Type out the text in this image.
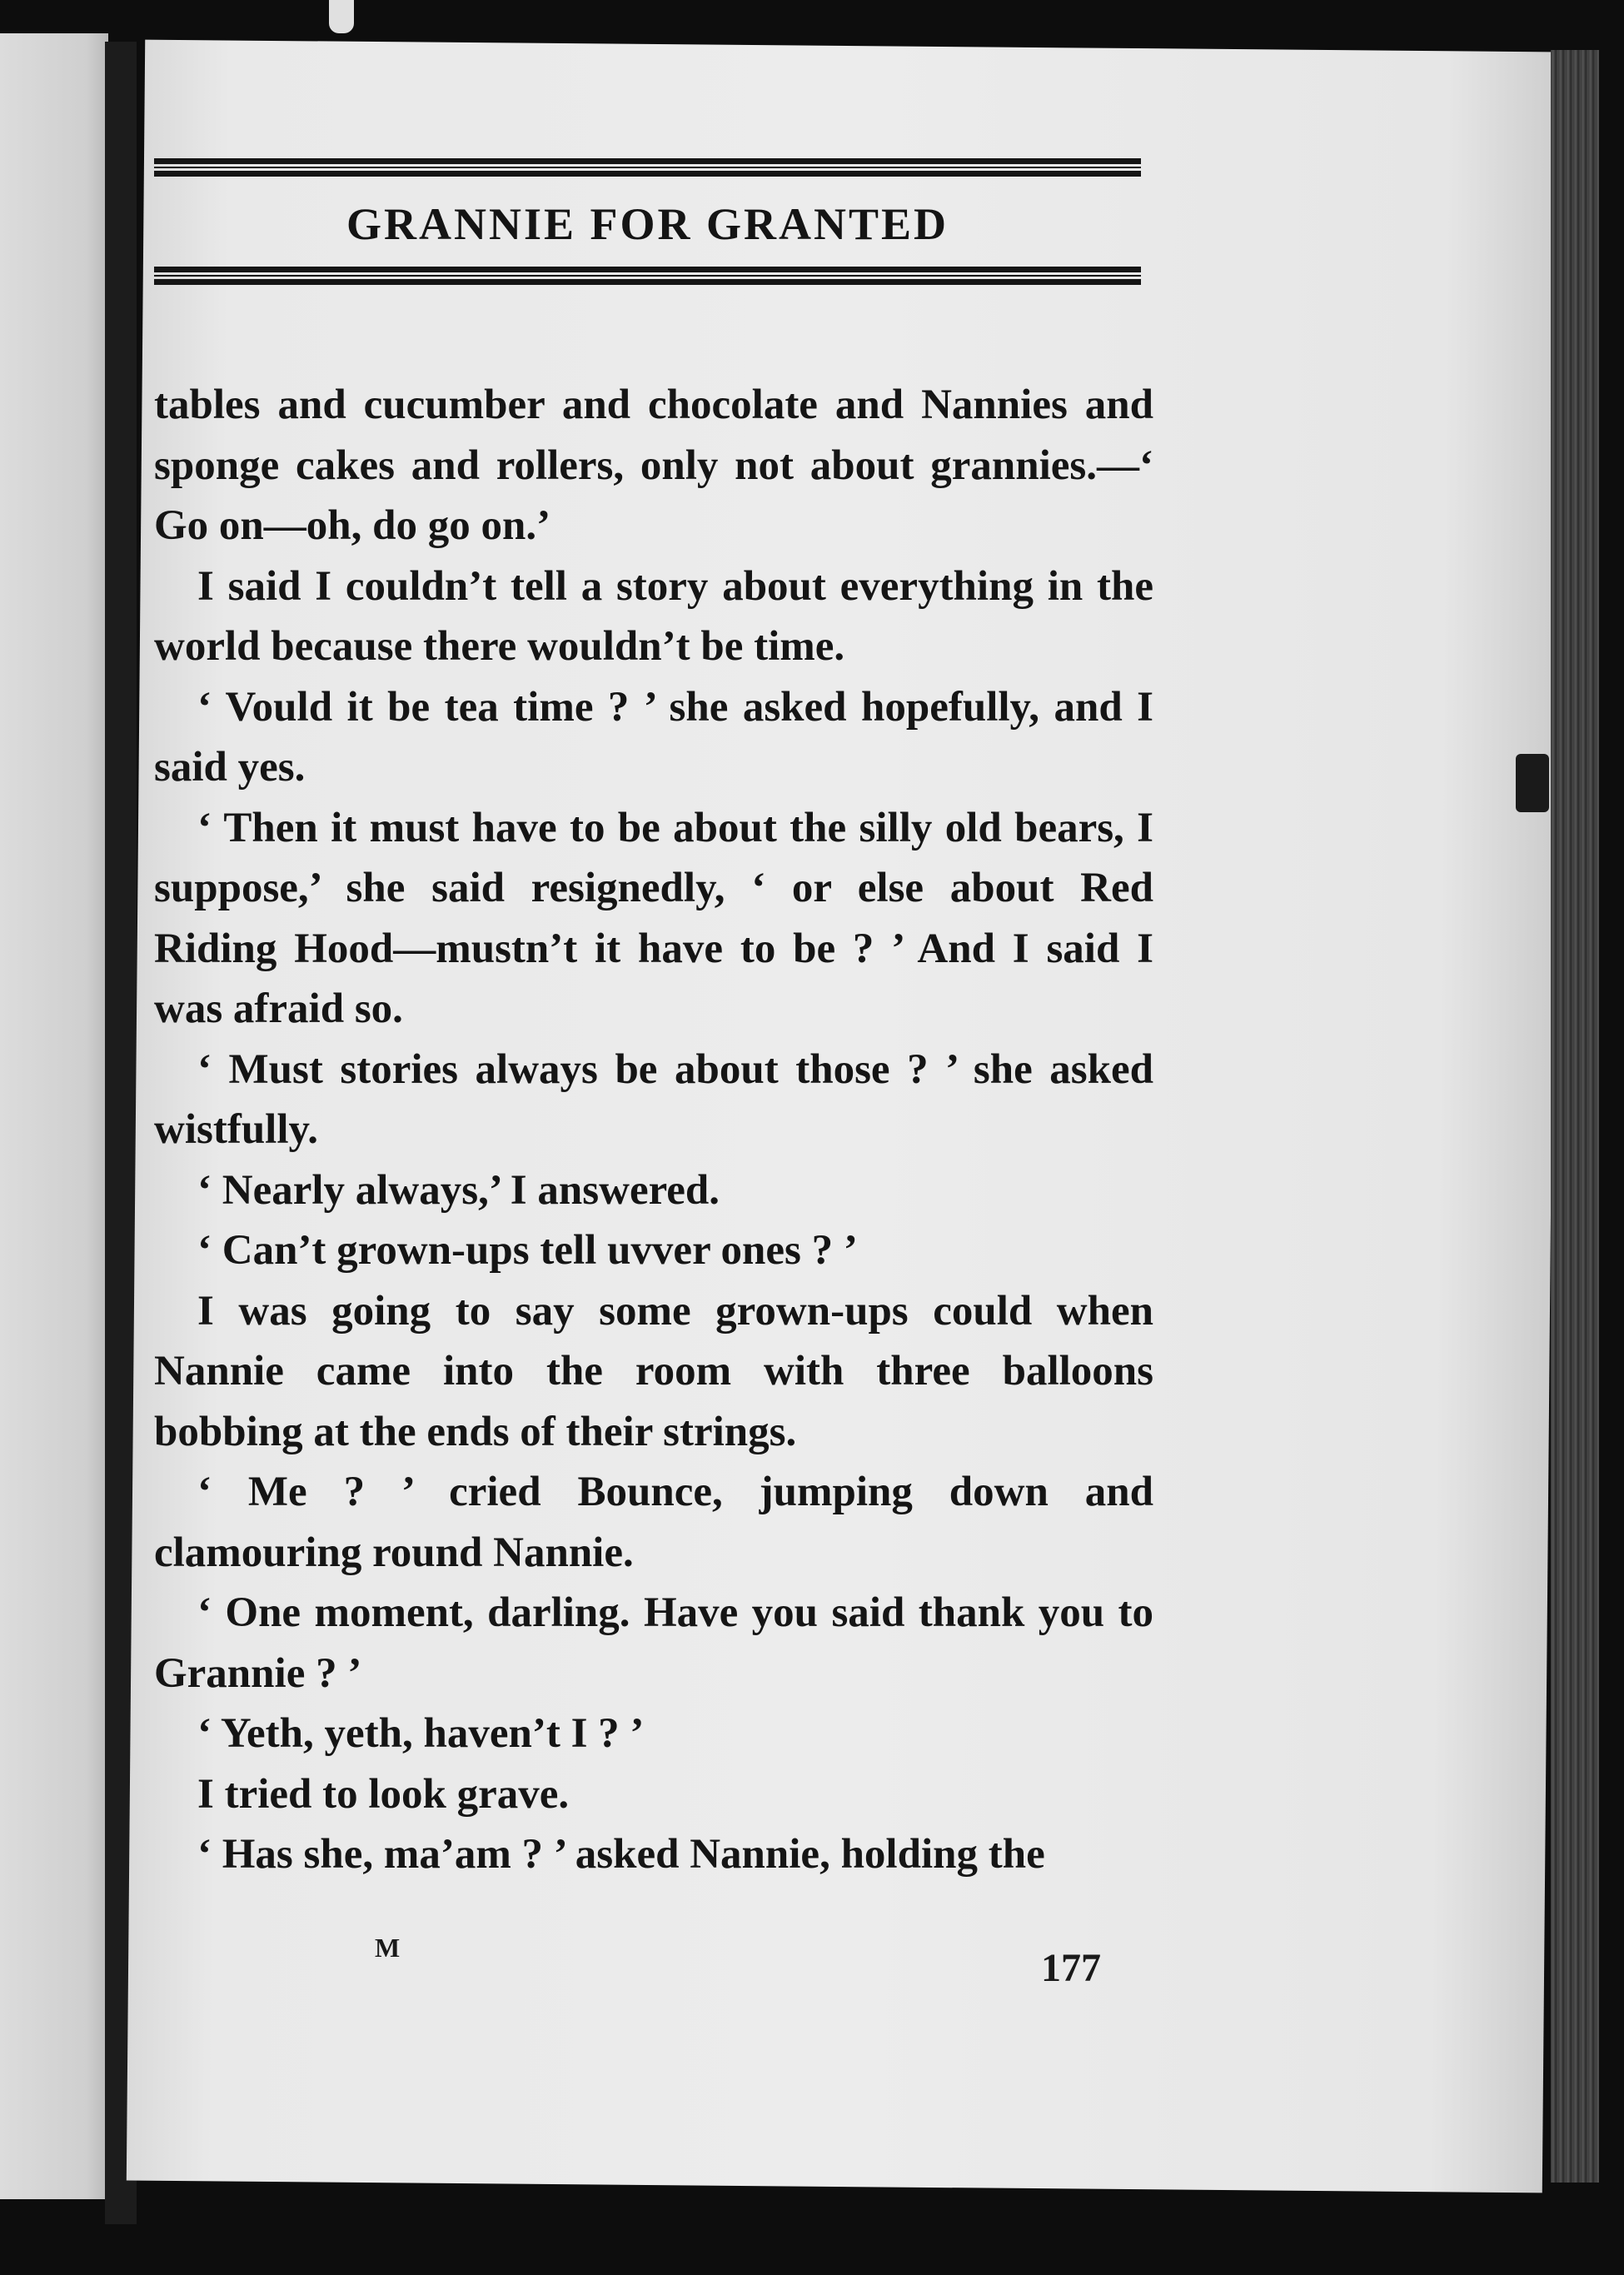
GRANNIE FOR GRANTED

tables and cucumber and chocolate and Nannies and sponge cakes and rollers, only not about grannies.—‘ Go on—oh, do go on.’

I said I couldn’t tell a story about everything in the world because there wouldn’t be time.

‘ Vould it be tea time ? ’ she asked hopefully, and I said yes.

‘ Then it must have to be about the silly old bears, I suppose,’ she said resignedly, ‘ or else about Red Riding Hood—mustn’t it have to be ? ’ And I said I was afraid so.

‘ Must stories always be about those ? ’ she asked wistfully.

‘ Nearly always,’ I answered.

‘ Can’t grown-ups tell uvver ones ? ’

I was going to say some grown-ups could when Nannie came into the room with three balloons bobbing at the ends of their strings.

‘ Me ? ’ cried Bounce, jumping down and clamouring round Nannie.

‘ One moment, darling. Have you said thank you to Grannie ? ’

‘ Yeth, yeth, haven’t I ? ’

I tried to look grave.

‘ Has she, ma’am ? ’ asked Nannie, holding the

M	177
